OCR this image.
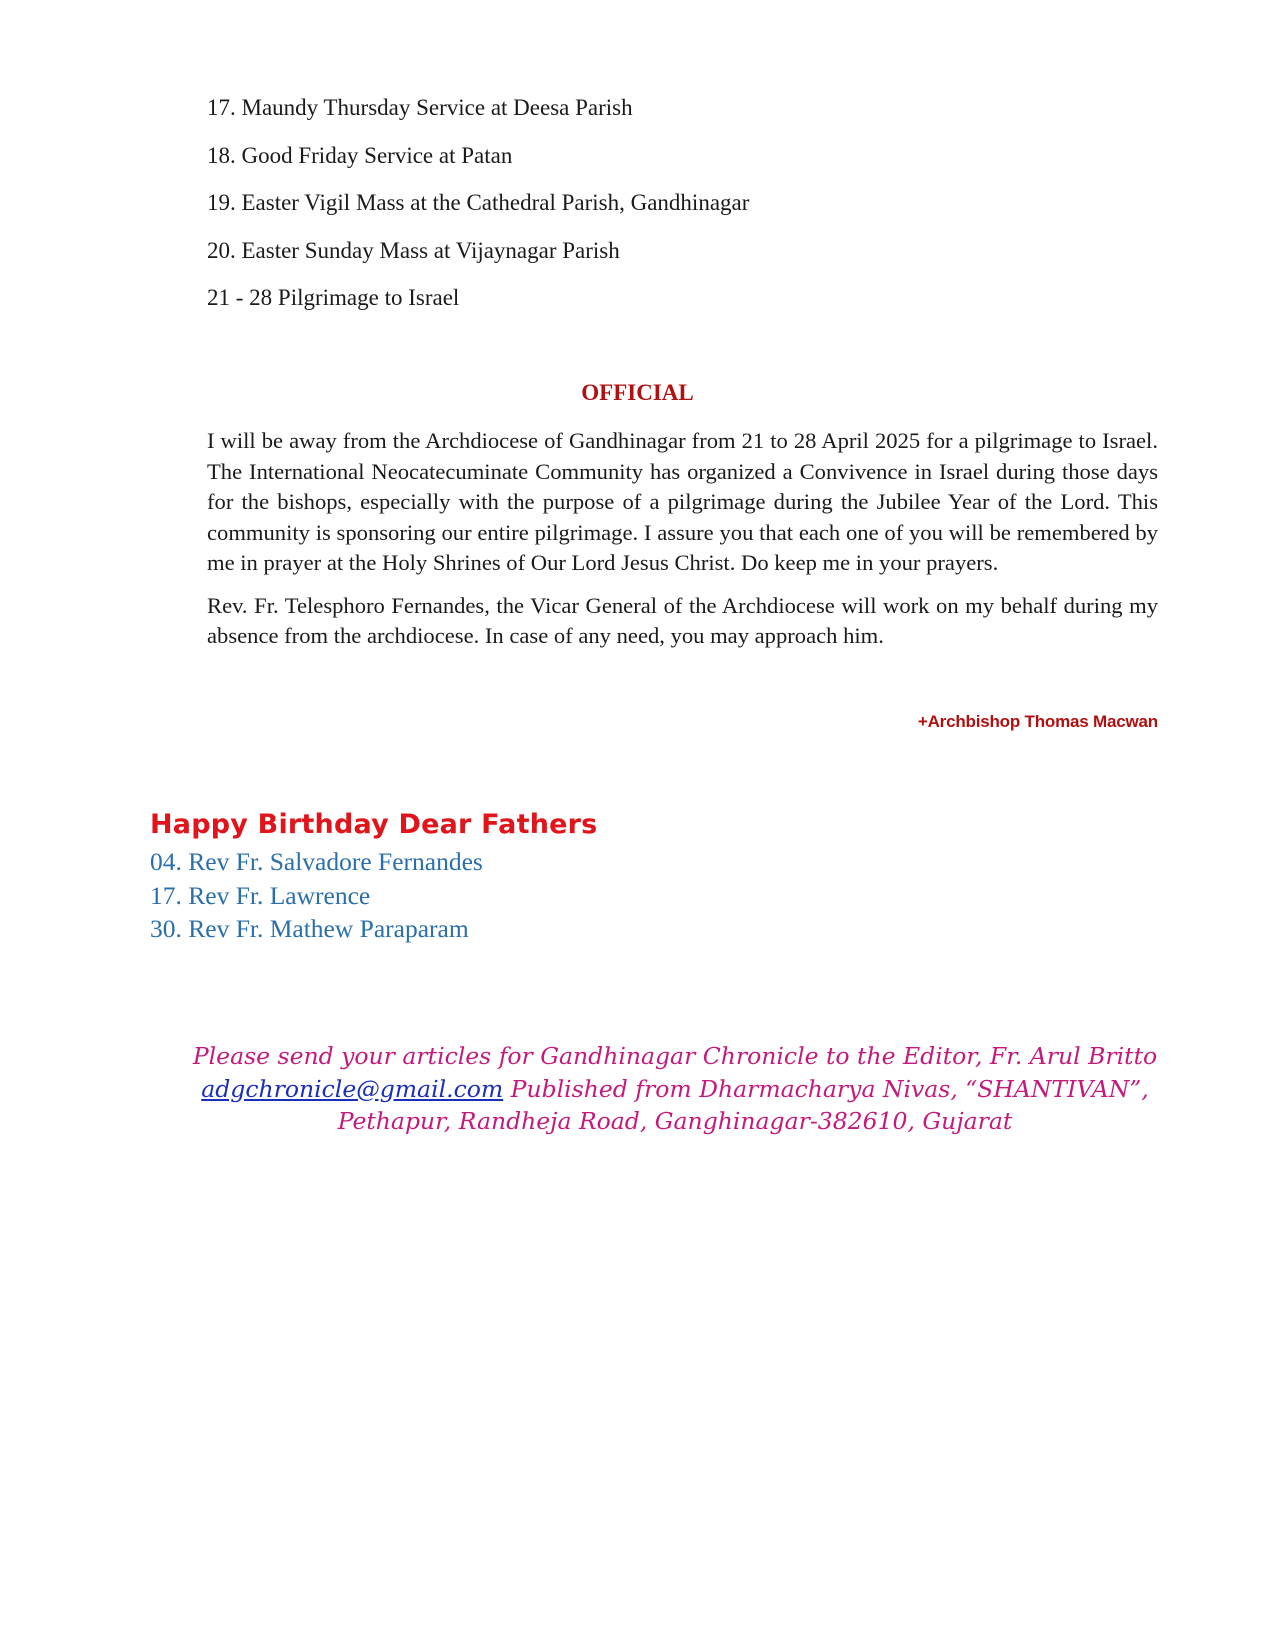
17. Maundy Thursday Service at Deesa Parish
18. Good Friday Service at Patan
19. Easter Vigil Mass at the Cathedral Parish, Gandhinagar
20. Easter Sunday Mass at Vijaynagar Parish
21 - 28 Pilgrimage to Israel
OFFICIAL

I will be away from the Archdiocese of Gandhinagar from 21 to 28 April 2025 for a pilgrimage to Israel. The International Neocatecuminate Community has organized a Convivence in Israel during those days for the bishops, especially with the purpose of a pilgrimage during the Jubilee Year of the Lord. This community is sponsoring our entire pilgrimage. I assure you that each one of you will be remembered by me in prayer at the Holy Shrines of Our Lord Jesus Christ. Do keep me in your prayers.

Rev. Fr. Telesphoro Fernandes, the Vicar General of the Archdiocese will work on my behalf during my absence from the archdiocese. In case of any need, you may approach him.

+Archbishop Thomas Macwan

Happy Birthday Dear Fathers
04. Rev Fr. Salvadore Fernandes
17. Rev Fr. Lawrence
30. Rev Fr. Mathew Paraparam
Please send your articles for Gandhinagar Chronicle to the Editor, Fr. Arul Britto
adgchronicle@gmail.com Published from Dharmacharya Nivas, “SHANTIVAN”,
Pethapur, Randheja Road, Ganghinagar-382610, Gujarat
